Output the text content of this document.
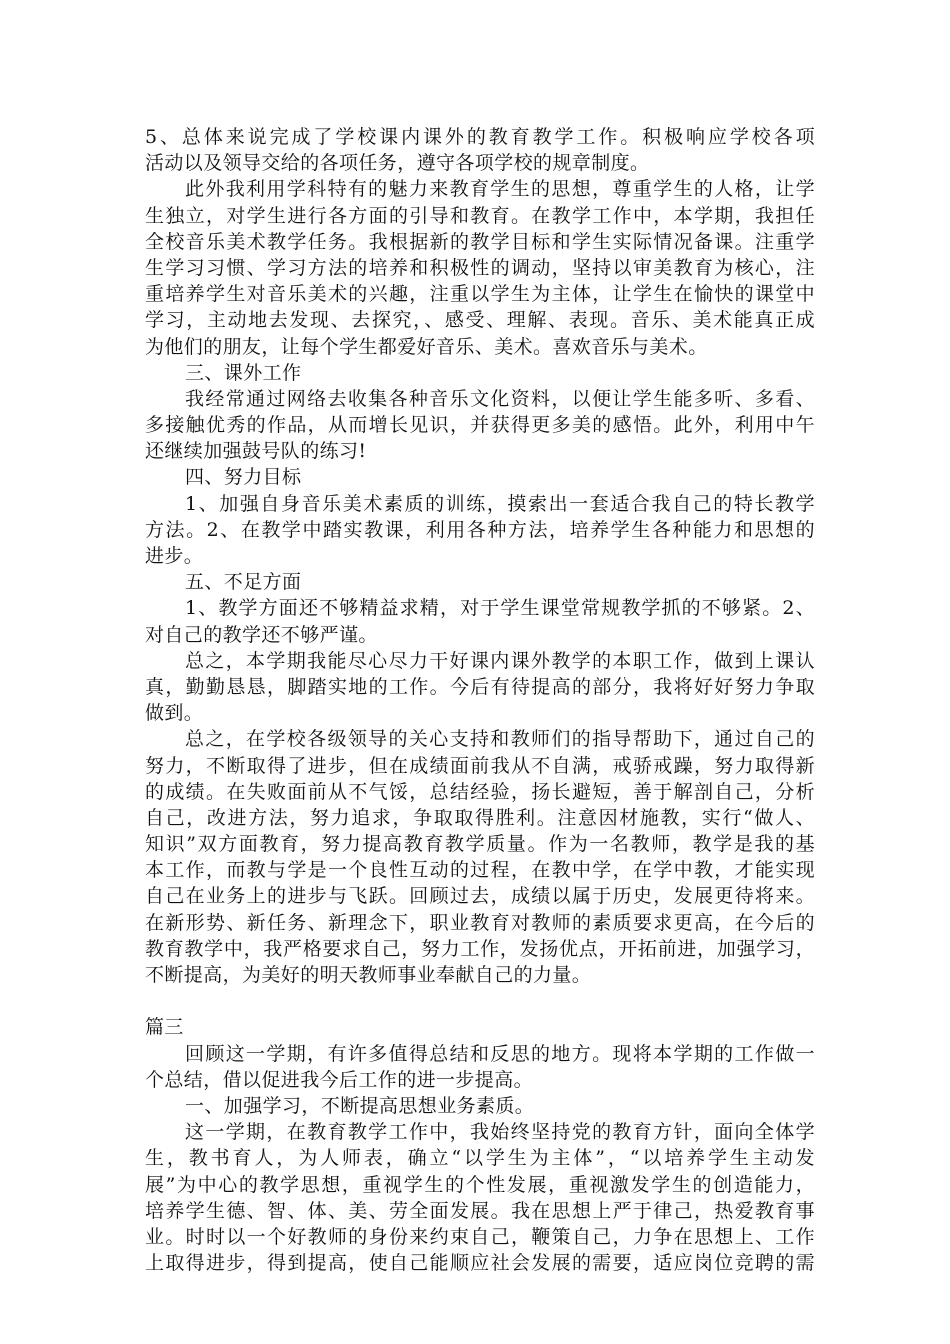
5、总体来说完成了学校课内课外的教育教学工作。积极响应学校各项
活动以及领导交给的各项任务，遵守各项学校的规章制度。
此外我利用学科特有的魅力来教育学生的思想，尊重学生的人格，让学
生独立，对学生进行各方面的引导和教育。在教学工作中，本学期，我担任
全校音乐美术教学任务。我根据新的教学目标和学生实际情况备课。注重学
生学习习惯、学习方法的培养和积极性的调动，坚持以审美教育为核心，注
重培养学生对音乐美术的兴趣，注重以学生为主体，让学生在愉快的课堂中
学习，主动地去发现、去探究，、感受、理解、表现。音乐、美术能真正成
为他们的朋友，让每个学生都爱好音乐、美术。喜欢音乐与美术。
三、课外工作
我经常通过网络去收集各种音乐文化资料，以便让学生能多听、多看、
多接触优秀的作品，从而增长见识，并获得更多美的感悟。此外，利用中午
还继续加强鼓号队的练习!
四、努力目标
1、加强自身音乐美术素质的训练，摸索出一套适合我自己的特长教学
方法。2、在教学中踏实教课，利用各种方法，培养学生各种能力和思想的
进步。
五、不足方面
1、教学方面还不够精益求精，对于学生课堂常规教学抓的不够紧。2、
对自己的教学还不够严谨。
总之，本学期我能尽心尽力干好课内课外教学的本职工作，做到上课认
真，勤勤恳恳，脚踏实地的工作。今后有待提高的部分，我将好好努力争取
做到。
总之，在学校各级领导的关心支持和教师们的指导帮助下，通过自己的
努力，不断取得了进步，但在成绩面前我从不自满，戒骄戒躁，努力取得新
的成绩。在失败面前从不气馁，总结经验，扬长避短，善于解剖自己，分析
自己，改进方法，努力追求，争取取得胜利。注意因材施教，实行“做人、
知识”双方面教育，努力提高教育教学质量。作为一名教师，教学是我的基
本工作，而教与学是一个良性互动的过程，在教中学，在学中教，才能实现
自己在业务上的进步与飞跃。回顾过去，成绩以属于历史，发展更待将来。
在新形势、新任务、新理念下，职业教育对教师的素质要求更高，在今后的
教育教学中，我严格要求自己，努力工作，发扬优点，开拓前进，加强学习，
不断提高，为美好的明天教师事业奉献自己的力量。
篇三
回顾这一学期，有许多值得总结和反思的地方。现将本学期的工作做一
个总结，借以促进我今后工作的进一步提高。
一、加强学习，不断提高思想业务素质。
这一学期，在教育教学工作中，我始终坚持党的教育方针，面向全体学
生，教书育人，为人师表，确立“以学生为主体”，“以培养学生主动发
展”为中心的教学思想，重视学生的个性发展，重视激发学生的创造能力，
培养学生德、智、体、美、劳全面发展。我在思想上严于律己，热爱教育事
业。时时以一个好教师的身份来约束自己，鞭策自己，力争在思想上、工作
上取得进步，得到提高，使自己能顺应社会发展的需要，适应岗位竞聘的需
